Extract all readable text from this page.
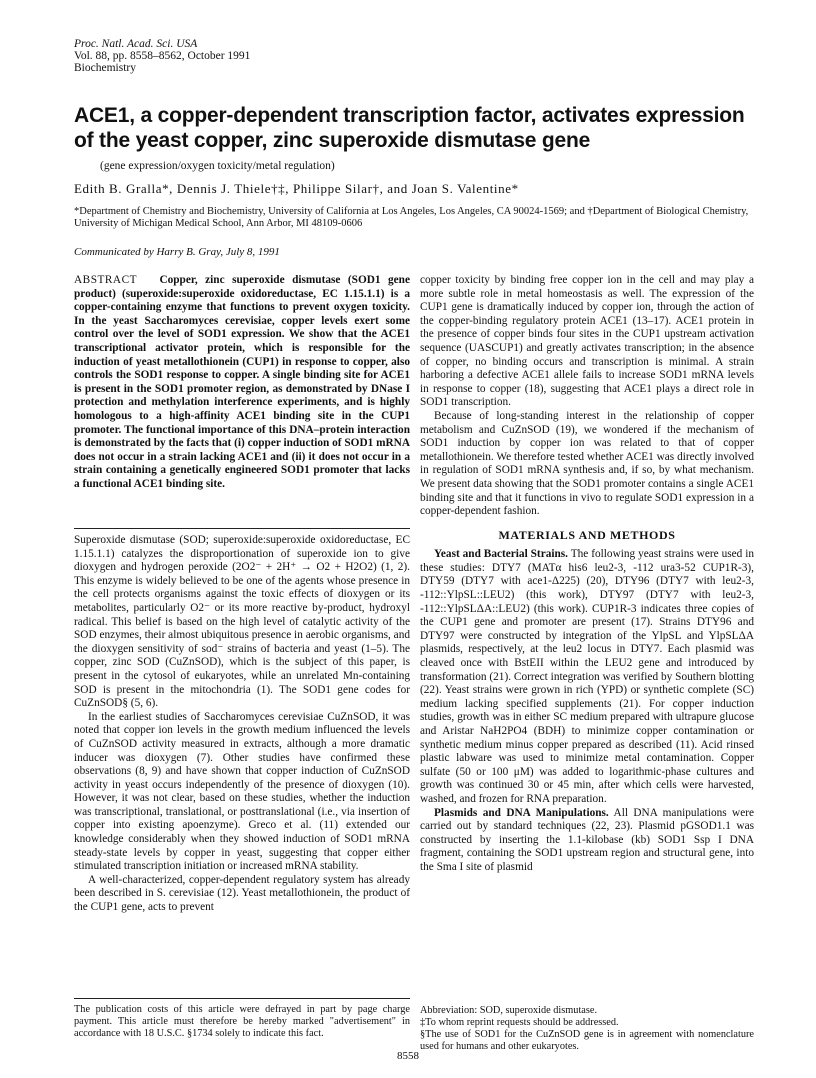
Proc. Natl. Acad. Sci. USA
Vol. 88, pp. 8558–8562, October 1991
Biochemistry
ACE1, a copper-dependent transcription factor, activates expression of the yeast copper, zinc superoxide dismutase gene
(gene expression/oxygen toxicity/metal regulation)
Edith B. Gralla*, Dennis J. Thiele†‡, Philippe Silar†, and Joan S. Valentine*
*Department of Chemistry and Biochemistry, University of California at Los Angeles, Los Angeles, CA 90024-1569; and †Department of Biological Chemistry, University of Michigan Medical School, Ann Arbor, MI 48109-0606
Communicated by Harry B. Gray, July 8, 1991
ABSTRACT Copper, zinc superoxide dismutase (SOD1 gene product) (superoxide:superoxide oxidoreductase, EC 1.15.1.1) is a copper-containing enzyme that functions to prevent oxygen toxicity. In the yeast Saccharomyces cerevisiae, copper levels exert some control over the level of SOD1 expression. We show that the ACE1 transcriptional activator protein, which is responsible for the induction of yeast metallothionein (CUP1) in response to copper, also controls the SOD1 response to copper. A single binding site for ACE1 is present in the SOD1 promoter region, as demonstrated by DNase I protection and methylation interference experiments, and is highly homologous to a high-affinity ACE1 binding site in the CUP1 promoter. The functional importance of this DNA–protein interaction is demonstrated by the facts that (i) copper induction of SOD1 mRNA does not occur in a strain lacking ACE1 and (ii) it does not occur in a strain containing a genetically engineered SOD1 promoter that lacks a functional ACE1 binding site.

Superoxide dismutase (SOD; superoxide:superoxide oxidoreductase, EC 1.15.1.1) catalyzes the disproportionation of superoxide ion to give dioxygen and hydrogen peroxide (2O2⁻ + 2H⁺ → O2 + H2O2) (1, 2). This enzyme is widely believed to be one of the agents whose presence in the cell protects organisms against the toxic effects of dioxygen or its metabolites, particularly O2⁻ or its more reactive by-product, hydroxyl radical. This belief is based on the high level of catalytic activity of the SOD enzymes, their almost ubiquitous presence in aerobic organisms, and the dioxygen sensitivity of sod⁻ strains of bacteria and yeast (1–5). The copper, zinc SOD (CuZnSOD), which is the subject of this paper, is present in the cytosol of eukaryotes, while an unrelated Mn-containing SOD is present in the mitochondria (1). The SOD1 gene codes for CuZnSOD§ (5, 6).

In the earliest studies of Saccharomyces cerevisiae CuZnSOD, it was noted that copper ion levels in the growth medium influenced the levels of CuZnSOD activity measured in extracts, although a more dramatic inducer was dioxygen (7). Other studies have confirmed these observations (8, 9) and have shown that copper induction of CuZnSOD activity in yeast occurs independently of the presence of dioxygen (10). However, it was not clear, based on these studies, whether the induction was transcriptional, translational, or posttranslational (i.e., via insertion of copper into existing apoenzyme). Greco et al. (11) extended our knowledge considerably when they showed induction of SOD1 mRNA steady-state levels by copper in yeast, suggesting that copper either stimulated transcription initiation or increased mRNA stability.

A well-characterized, copper-dependent regulatory system has already been described in S. cerevisiae (12). Yeast metallothionein, the product of the CUP1 gene, acts to prevent

The publication costs of this article were defrayed in part by page charge payment. This article must therefore be hereby marked "advertisement" in accordance with 18 U.S.C. §1734 solely to indicate this fact.

copper toxicity by binding free copper ion in the cell and may play a more subtle role in metal homeostasis as well. The expression of the CUP1 gene is dramatically induced by copper ion, through the action of the copper-binding regulatory protein ACE1 (13–17). ACE1 protein in the presence of copper binds four sites in the CUP1 upstream activation sequence (UASCUP1) and greatly activates transcription; in the absence of copper, no binding occurs and transcription is minimal. A strain harboring a defective ACE1 allele fails to increase SOD1 mRNA levels in response to copper (18), suggesting that ACE1 plays a direct role in SOD1 transcription.

Because of long-standing interest in the relationship of copper metabolism and CuZnSOD (19), we wondered if the mechanism of SOD1 induction by copper ion was related to that of copper metallothionein. We therefore tested whether ACE1 was directly involved in regulation of SOD1 mRNA synthesis and, if so, by what mechanism. We present data showing that the SOD1 promoter contains a single ACE1 binding site and that it functions in vivo to regulate SOD1 expression in a copper-dependent fashion.

MATERIALS AND METHODS

Yeast and Bacterial Strains. The following yeast strains were used in these studies: DTY7 (MATα his6 leu2-3, -112 ura3-52 CUP1R-3), DTY59 (DTY7 with ace1-Δ225) (20), DTY96 (DTY7 with leu2-3, -112::YlpSL::LEU2) (this work), DTY97 (DTY7 with leu2-3, -112::YlpSLΔA::LEU2) (this work). CUP1R-3 indicates three copies of the CUP1 gene and promoter are present (17). Strains DTY96 and DTY97 were constructed by integration of the YlpSL and YlpSLΔA plasmids, respectively, at the leu2 locus in DTY7. Each plasmid was cleaved once with BstEII within the LEU2 gene and introduced by transformation (21). Correct integration was verified by Southern blotting (22). Yeast strains were grown in rich (YPD) or synthetic complete (SC) medium lacking specified supplements (21). For copper induction studies, growth was in either SC medium prepared with ultrapure glucose and Aristar NaH2PO4 (BDH) to minimize copper contamination or synthetic medium minus copper prepared as described (11). Acid rinsed plastic labware was used to minimize metal contamination. Copper sulfate (50 or 100 μM) was added to logarithmic-phase cultures and growth was continued 30 or 45 min, after which cells were harvested, washed, and frozen for RNA preparation.

Plasmids and DNA Manipulations. All DNA manipulations were carried out by standard techniques (22, 23). Plasmid pGSOD1.1 was constructed by inserting the 1.1-kilobase (kb) SOD1 Ssp I DNA fragment, containing the SOD1 upstream region and structural gene, into the Sma I site of plasmid

Abbreviation: SOD, superoxide dismutase.
‡To whom reprint requests should be addressed.
§The use of SOD1 for the CuZnSOD gene is in agreement with nomenclature used for humans and other eukaryotes.
8558
